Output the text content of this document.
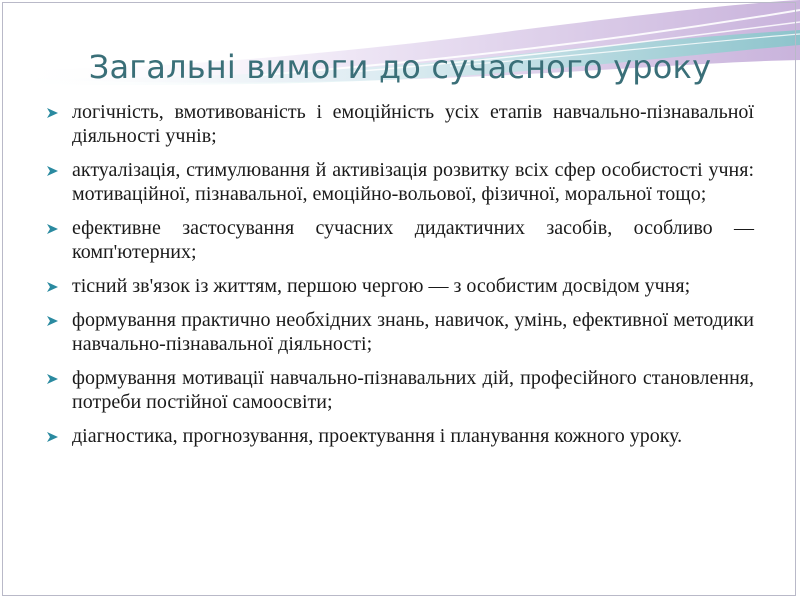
Загальні вимоги до сучасного уроку
логічність, вмотивованість і емоційність усіх етапів навчально-пізнавальної діяльності учнів;
актуалізація, стимулювання й активізація розвитку всіх сфер особистості учня: мотиваційної, пізнавальної, емоційно-вольової, фізичної, моральної тощо;
ефективне застосування сучасних дидактичних засобів, особливо — комп'ютерних;
тісний зв'язок із життям, першою чергою — з особистим досвідом учня;
формування практично необхідних знань, навичок, умінь, ефективної методики навчально-пізнавальної діяльності;
формування мотивації навчально-пізнавальних дій, професійного становлення, потреби постійної самоосвіти;
діагностика, прогнозування, проектування і планування кожного уроку.
